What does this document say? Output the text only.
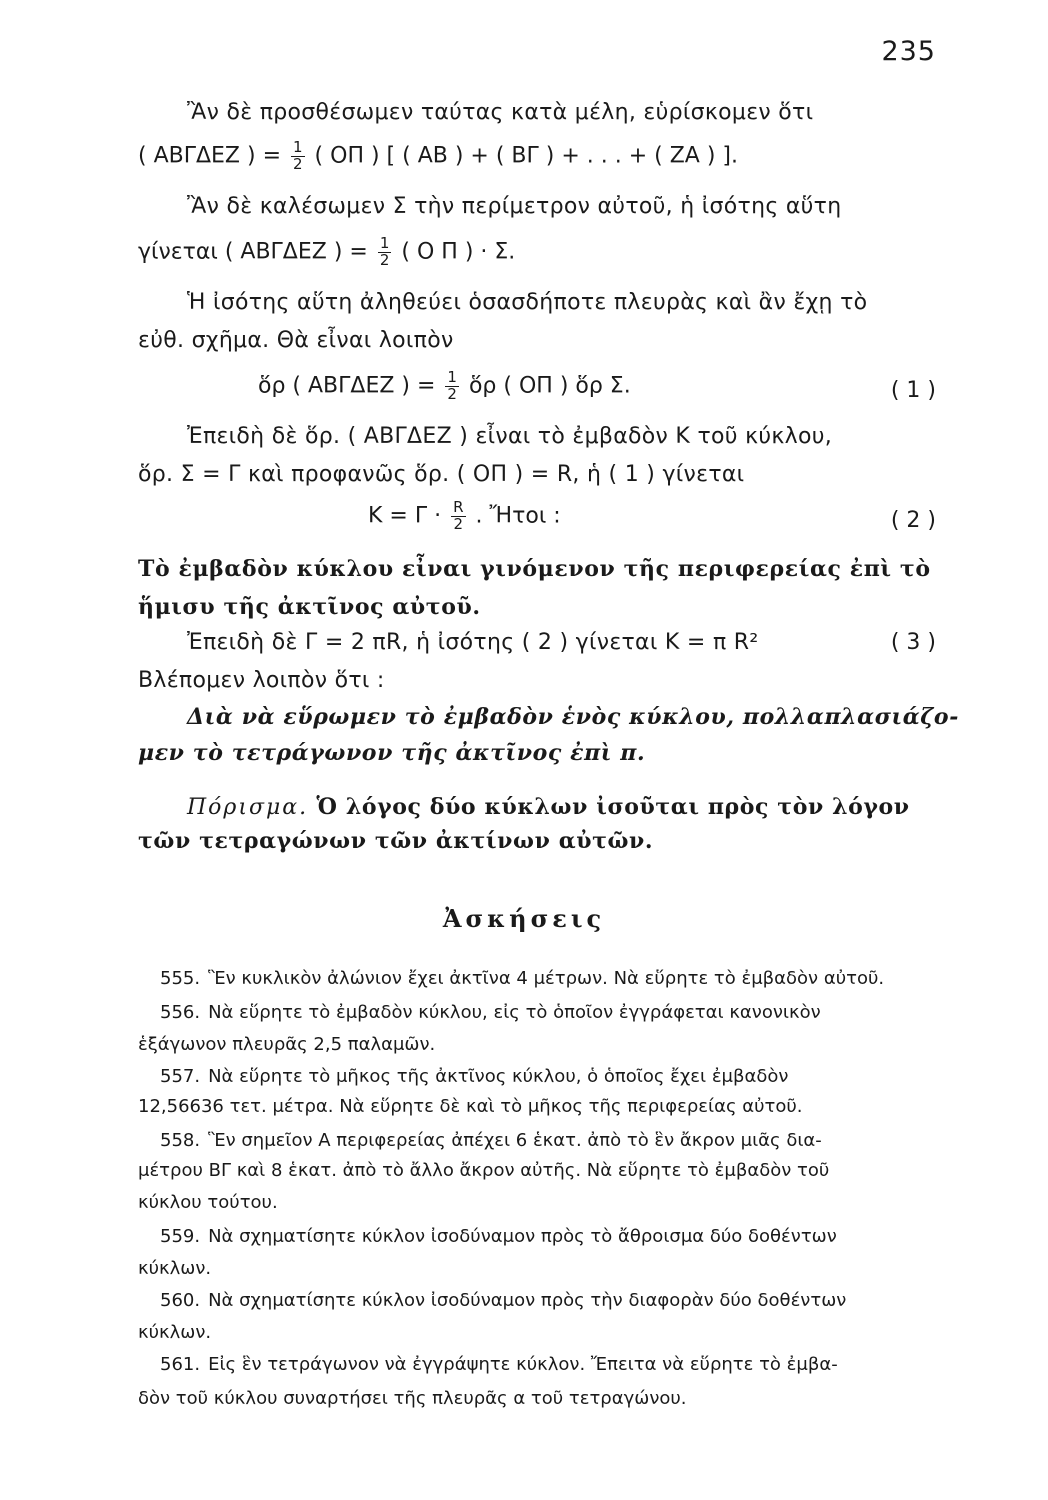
235
Ἂν δὲ προσθέσωμεν ταύτας κατὰ μέλη, εὑρίσκομεν ὅτι
( ΑΒΓΔΕΖ ) = $\frac{1}{2}$ ( ΟΠ ) [ ( ΑΒ ) + ( ΒΓ ) + . . . + ( ΖΑ ) ].
Ἂν δὲ καλέσωμεν Σ τὴν περίμετρον αὐτοῦ, ἡ ἰσότης αὕτη
γίνεται ( ΑΒΓΔΕΖ ) = $\frac{1}{2}$ ( Ο Π ) · Σ.
Ἡ ἰσότης αὕτη ἀληθεύει ὁσασδήποτε πλευρὰς καὶ ἂν ἔχῃ τὸ
εὐθ. σχῆμα. Θὰ εἶναι λοιπὸν
ὅρ ( ΑΒΓΔΕΖ ) = $\frac{1}{2}$ ὅρ ( ΟΠ ) ὅρ Σ.	( 1 )
Ἐπειδὴ δὲ ὅρ. ( ΑΒΓΔΕΖ ) εἶναι τὸ ἐμβαδὸν Κ τοῦ κύκλου,
ὅρ. Σ = Γ καὶ προφανῶς ὅρ. ( ΟΠ ) = R, ἡ ( 1 ) γίνεται
$K = \Gamma \cdot \frac{R}{2}$ . Ἤτοι :	( 2 )
Τὸ ἐμβαδὸν κύκλου εἶναι γινόμενον τῆς περιφερείας ἐπὶ τὸ
ἥμισυ τῆς ἀκτῖνος αὐτοῦ.
Ἐπειδὴ δὲ Γ = 2 πR, ἡ ἰσότης ( 2 ) γίνεται Κ = π R²	( 3 )
Βλέπομεν λοιπὸν ὅτι :
Διὰ νὰ εὕρωμεν τὸ ἐμβαδὸν ἑνὸς κύκλου, πολλαπλασιάζο-
μεν τὸ τετράγωνον τῆς ἀκτῖνος ἐπὶ π.
Πόρισμα. Ὁ λόγος δύο κύκλων ἰσοῦται πρὸς τὸν λόγον
τῶν τετραγώνων τῶν ἀκτίνων αὐτῶν.
Ἀσκήσεις
555. Ἓν κυκλικὸν ἀλώνιον ἔχει ἀκτῖνα 4 μέτρων. Νὰ εὕρητε τὸ ἐμβαδὸν αὐτοῦ.
556. Νὰ εὕρητε τὸ ἐμβαδὸν κύκλου, εἰς τὸ ὁποῖον ἐγγράφεται κανονικὸν
ἑξάγωνον πλευρᾶς 2,5 παλαμῶν.
557. Νὰ εὕρητε τὸ μῆκος τῆς ἀκτῖνος κύκλου, ὁ ὁποῖος ἔχει ἐμβαδὸν
12,56636 τετ. μέτρα. Νὰ εὕρητε δὲ καὶ τὸ μῆκος τῆς περιφερείας αὐτοῦ.
558. Ἓν σημεῖον Α περιφερείας ἀπέχει 6 ἑκατ. ἀπὸ τὸ ἓν ἄκρον μιᾶς δια-
μέτρου ΒΓ καὶ 8 ἑκατ. ἀπὸ τὸ ἄλλο ἄκρον αὐτῆς. Νὰ εὕρητε τὸ ἐμβαδὸν τοῦ
κύκλου τούτου.
559. Νὰ σχηματίσητε κύκλον ἰσοδύναμον πρὸς τὸ ἄθροισμα δύο δοθέντων
κύκλων.
560. Νὰ σχηματίσητε κύκλον ἰσοδύναμον πρὸς τὴν διαφορὰν δύο δοθέντων
κύκλων.
561. Εἰς ἓν τετράγωνον νὰ ἐγγράψητε κύκλον. Ἔπειτα νὰ εὕρητε τὸ ἐμβα-
δὸν τοῦ κύκλου συναρτήσει τῆς πλευρᾶς α τοῦ τετραγώνου.
